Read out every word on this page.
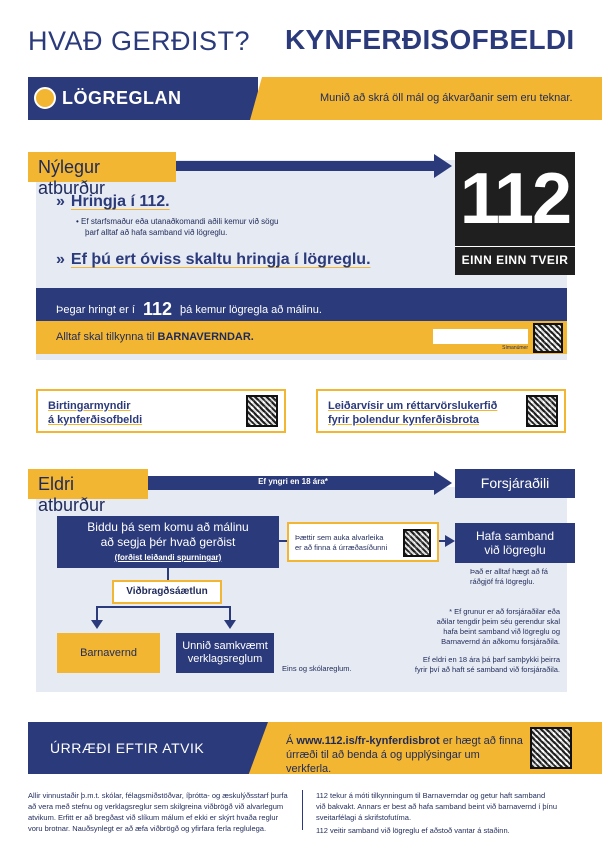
HVAÐ GERÐIST? KYNFERÐISOFBELDI
LÖGREGLAN	Munið að skrá öll mál og ákvarðanir sem eru teknar.
Nýlegur atburður	112
EINN EINN TVEIR
» Hringja í 112.
• Ef starfsmaður eða utanaðkomandi aðili kemur við sögu
þarf alltaf að hafa samband við lögreglu.
» Ef þú ert óviss skaltu hringja í lögreglu.
Þegar hringt er í 112 þá kemur lögregla að málinu.
Alltaf skal tilkynna til BARNAVERNDAR.
Símanúmer
Birtingarmyndir
á kynferðisofbeldi
Leiðarvísir um réttarvörslukerfið
fyrir þolendur kynferðisbrota
Eldri atburður
Ef yngri en 18 ára*	Forsjáraðili
Biddu þá sem komu að málinu
að segja þér hvað gerðist
(forðist leiðandi spurningar)
Þættir sem auka alvarleika
er að finna á úrræðasíðunni
Hafa samband
við lögreglu
Það er alltaf hægt að fá
ráðgjöf frá lögreglu.
Viðbragðsáætlun
Barnavernd
Unnið samkvæmt
verklagsreglum
Eins og skólareglum.
* Ef grunur er að forsjáraðilar eða
aðilar tengdir þeim séu gerendur skal
hafa beint samband við lögreglu og
Barnavernd án aðkomu forsjáraðila.
Ef eldri en 18 ára þá þarf samþykki þeirra
fyrir því að haft sé samband við forsjáraðila.
ÚRRÆÐI EFTIR ATVIK	Á www.112.is/fr-kynferdisbrot er hægt að finna
úrræði til að benda á og upplýsingar um verkferla.
Allir vinnustaðir þ.m.t. skólar, félagsmiðstöðvar, íþrótta- og æskulýðsstarf þurfa
að vera með stefnu og verklagsreglur sem skilgreina viðbrögð við alvarlegum
atvikum. Erfitt er að bregðast við slíkum málum ef ekki er skýrt hvaða reglur
voru brotnar. Nauðsynlegt er að æfa viðbrögð og yfirfara ferla reglulega.
112 tekur á móti tilkynningum til Barnaverndar og getur haft samband
við bakvakt. Annars er best að hafa samband beint við barnavernd í þínu
sveitarfélagi á skrifstofutíma.
112 veitir samband við lögreglu ef aðstoð vantar á staðinn.
